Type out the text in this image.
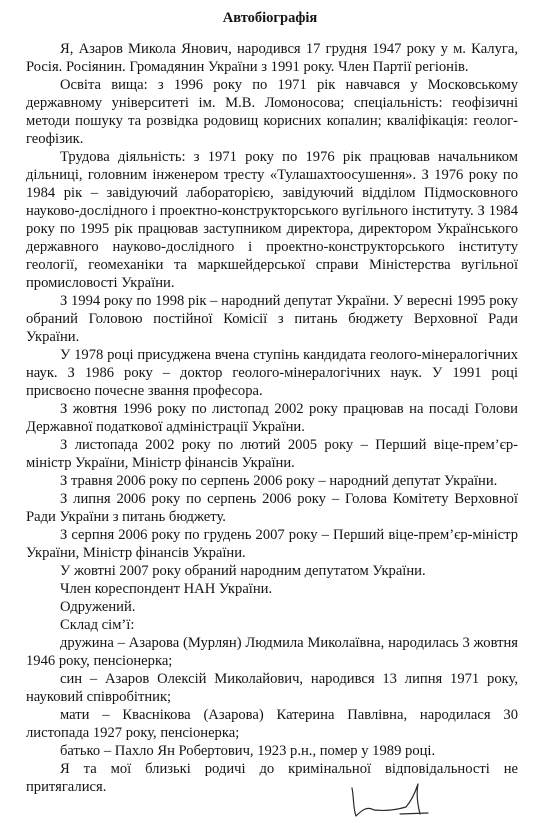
Автобіографія

Я, Азаров Микола Янович, народився 17 грудня 1947 року у м. Калуга, Росія. Росіянин. Громадянин України з 1991 року. Член Партії регіонів.

Освіта вища: з 1996 року по 1971 рік навчався у Московському державному університеті ім. М.В. Ломоносова; спеціальність: геофізичні методи пошуку та розвідка родовищ корисних копалин; кваліфікація: геолог-геофізик.

Трудова діяльність: з 1971 року по 1976 рік працював начальником дільниці, головним інженером тресту «Тулашахтоосушення». З 1976 року по 1984 рік – завідуючий лабораторією, завідуючий відділом Підмосковного науково-дослідного і проектно-конструкторського вугільного інституту. З 1984 року по 1995 рік працював заступником директора, директором Українського державного науково-дослідного і проектно-конструкторського інституту геології, геомеханіки та маркшейдерської справи Міністерства вугільної промисловості України.

З 1994 року по 1998 рік – народний депутат України. У вересні 1995 року обраний Головою постійної Комісії з питань бюджету Верховної Ради України.

У 1978 році присуджена вчена ступінь кандидата геолого-мінералогічних наук. З 1986 року – доктор геолого-мінералогічних наук. У 1991 році присвоєно почесне звання професора.

З жовтня 1996 року по листопад 2002 року працював на посаді Голови Державної податкової адміністрації України.

З листопада 2002 року по лютий 2005 року – Перший віце-прем’єр-міністр України, Міністр фінансів України.

З травня 2006 року по серпень 2006 року – народний депутат України.

З липня 2006 року по серпень 2006 року – Голова Комітету Верховної Ради України з питань бюджету.

З серпня 2006 року по грудень 2007 року – Перший віце-прем’єр-міністр України, Міністр фінансів України.

У жовтні 2007 року обраний народним депутатом України.

Член кореспондент НАН України.

Одружений.

Склад сім’ї:

дружина – Азарова (Мурлян) Людмила Миколаївна, народилась 3 жовтня 1946 року, пенсіонерка;

син – Азаров Олексій Миколайович, народився 13 липня 1971 року, науковий співробітник;

мати – Квaснікова (Азарова) Катерина Павлівна, народилася 30 листопада 1927 року, пенсіонерка;

батько – Пахло Ян Робертович, 1923 р.н., помер у 1989 році.

Я та мої близькі родичі до кримінальної відповідальності не притягалися.
